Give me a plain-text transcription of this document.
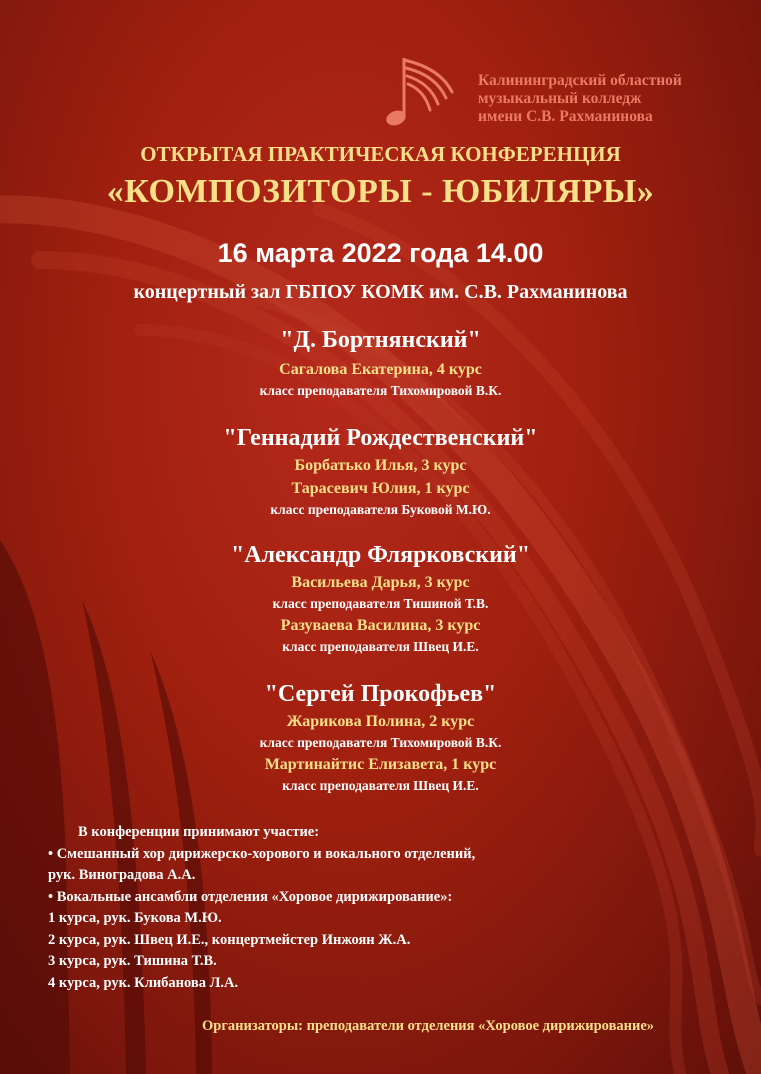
Калининградский областной
музыкальный колледж
имени С.В. Рахманинова
ОТКРЫТАЯ ПРАКТИЧЕСКАЯ КОНФЕРЕНЦИЯ
«КОМПОЗИТОРЫ - ЮБИЛЯРЫ»
16 марта 2022 года 14.00
концертный зал ГБПОУ КОМК им. С.В. Рахманинова
"Д. Бортнянский"
Сагалова Екатерина, 4 курс
класс преподавателя Тихомировой В.К.
"Геннадий Рождественский"
Борбатько Илья, 3 курс
Тарасевич Юлия, 1 курс
класс преподавателя Буковой М.Ю.
"Александр Флярковский"
Васильева Дарья, 3 курс
класс преподавателя Тишиной Т.В.
Разуваева Василина, 3 курс
класс преподавателя Швец И.Е.
"Сергей Прокофьев"
Жарикова Полина, 2 курс
класс преподавателя Тихомировой В.К.
Мартинайтис Елизавета, 1 курс
класс преподавателя Швец И.Е.
В конференции принимают участие:
• Смешанный хор дирижерско-хорового и вокального отделений,
рук. Виноградова А.А.
• Вокальные ансамбли отделения «Хоровое дирижирование»:
1 курса, рук. Букова М.Ю.
2 курса, рук. Швец И.Е., концертмейстер Инжоян Ж.А.
3 курса, рук. Тишина Т.В.
4 курса, рук. Клибанова Л.А.
Организаторы: преподаватели отделения «Хоровое дирижирование»
